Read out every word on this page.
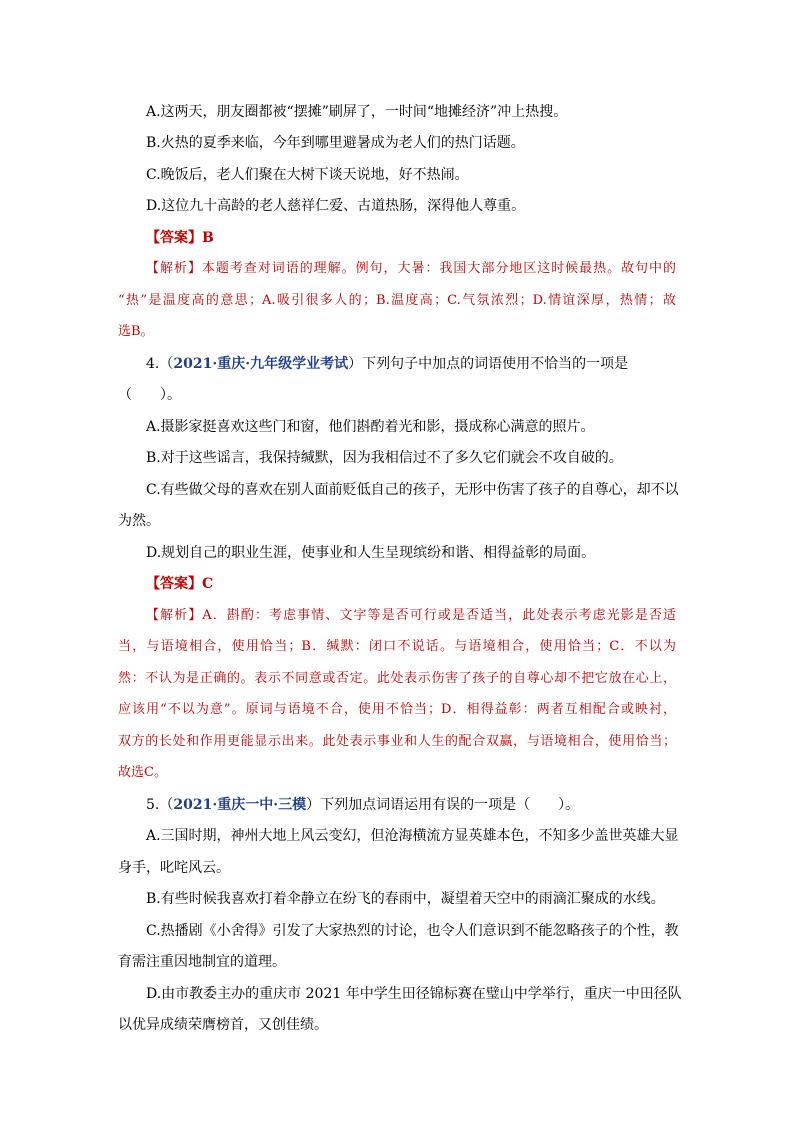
A.这两天，朋友圈都被“摆摊”刷屏了，一时间“地摊经济”冲上热搜。
B.火热的夏季来临，今年到哪里避暑成为老人们的热门话题。
C.晚饭后，老人们聚在大树下谈天说地，好不热闹。
D.这位九十高龄的老人慈祥仁爱、古道热肠，深得他人尊重。
【答案】B
【解析】本题考查对词语的理解。例句，大暑：我国大部分地区这时候最热。故句中的
“热”是温度高的意思；A.吸引很多人的；B.温度高；C.气氛浓烈；D.情谊深厚，热情；故
选B。
4.（2021·重庆·九年级学业考试）下列句子中加点的词语使用不恰当的一项是
（　　）。
A.摄影家挺喜欢这些门和窗，他们斟酌着光和影，摄成称心满意的照片。
B.对于这些谣言，我保持缄默，因为我相信过不了多久它们就会不攻自破的。
C.有些做父母的喜欢在别人面前贬低自己的孩子，无形中伤害了孩子的自尊心，却不以
为然。
D.规划自己的职业生涯，使事业和人生呈现缤纷和谐、相得益彰的局面。
【答案】C
【解析】A．斟酌：考虑事情、文字等是否可行或是否适当，此处表示考虑光影是否适
当，与语境相合，使用恰当；B．缄默：闭口不说话。与语境相合，使用恰当；C．不以为
然：不认为是正确的。表示不同意或否定。此处表示伤害了孩子的自尊心却不把它放在心上，
应该用“不以为意”。原词与语境不合，使用不恰当；D．相得益彰：两者互相配合或映衬，
双方的长处和作用更能显示出来。此处表示事业和人生的配合双赢，与语境相合，使用恰当；
故选C。
5.（2021·重庆一中·三模）下列加点词语运用有误的一项是（　　）。
A.三国时期，神州大地上风云变幻，但沧海横流方显英雄本色，不知多少盖世英雄大显
身手，叱咤风云。
B.有些时候我喜欢打着伞静立在纷飞的春雨中，凝望着天空中的雨滴汇聚成的水线。
C.热播剧《小舍得》引发了大家热烈的讨论，也令人们意识到不能忽略孩子的个性，教
育需注重因地制宜的道理。
D.由市教委主办的重庆市 2021 年中学生田径锦标赛在璧山中学举行，重庆一中田径队
以优异成绩荣膺榜首，又创佳绩。
